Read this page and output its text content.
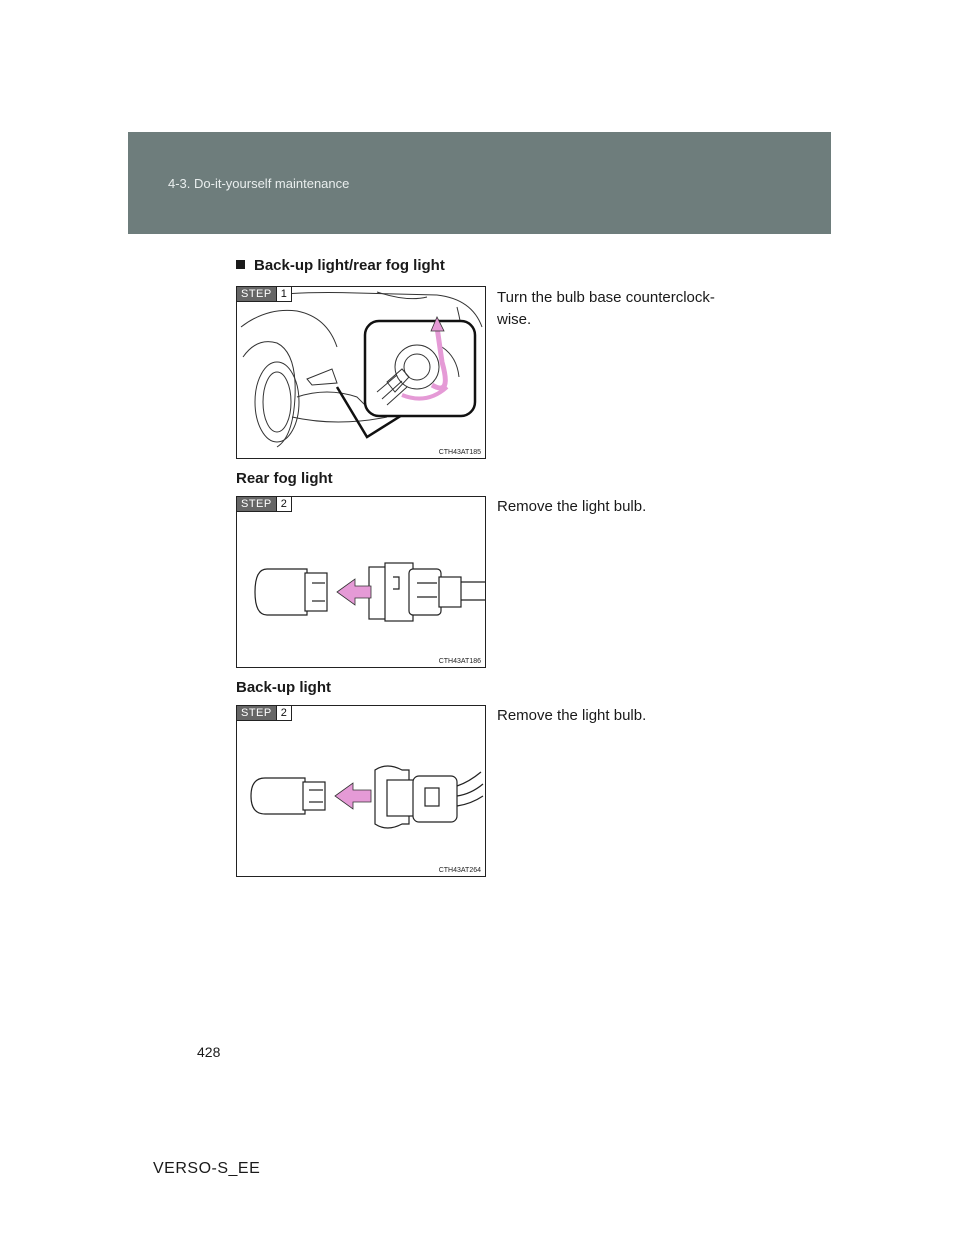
4-3. Do-it-yourself maintenance
Back-up light/rear fog light
STEP 1
CTH43AT185
Turn the bulb base counterclock-
wise.
Rear fog light
STEP 2
CTH43AT186
Remove the light bulb.
Back-up light
STEP 2
CTH43AT264
Remove the light bulb.
428
VERSO-S_EE
